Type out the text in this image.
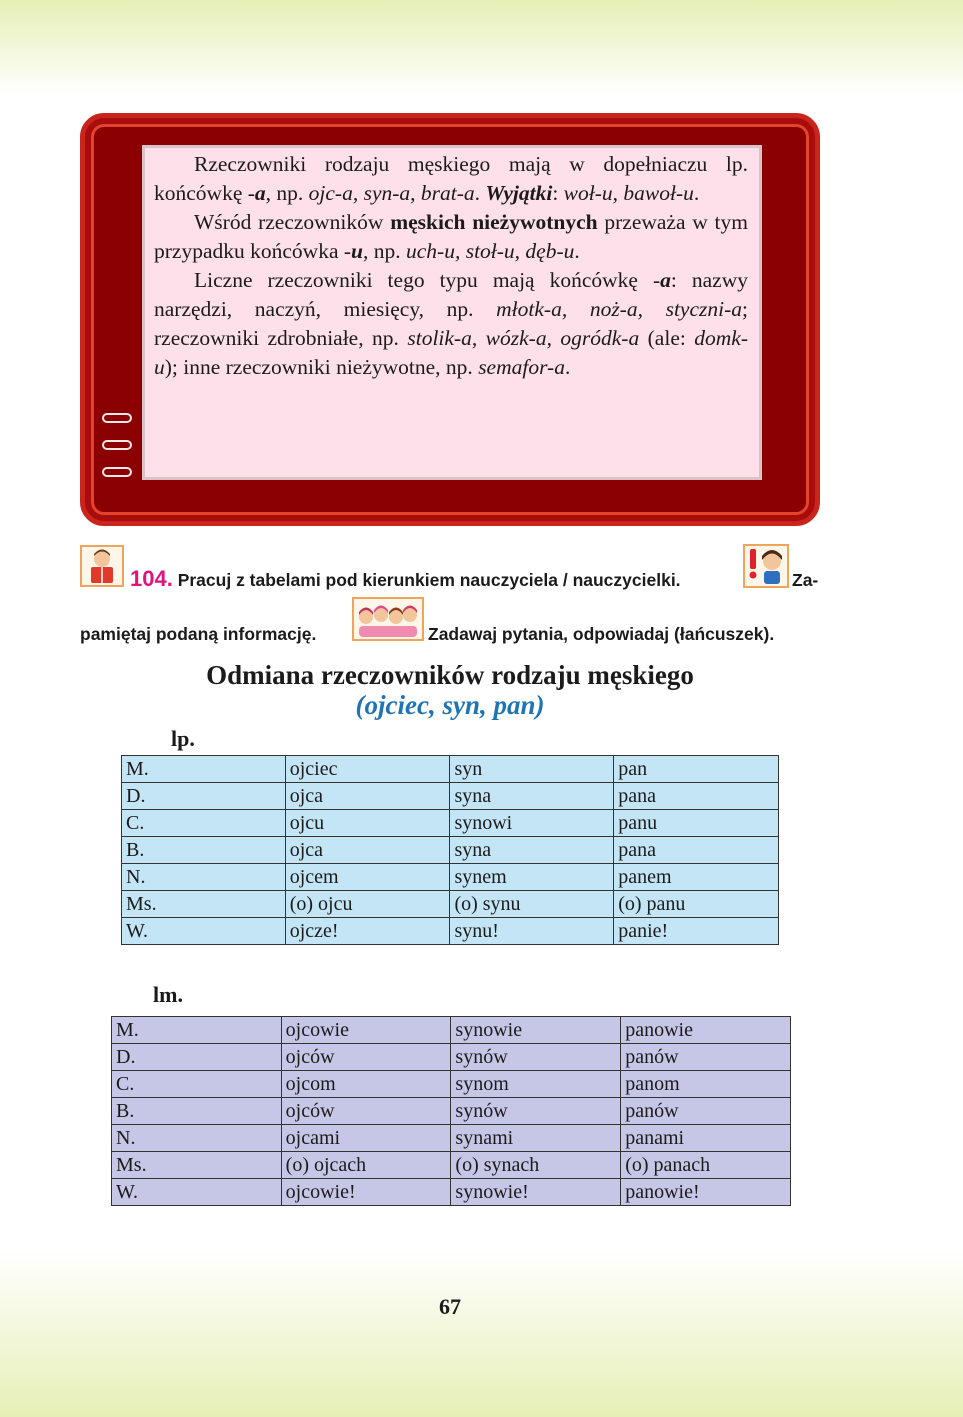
Rzeczowniki rodzaju męskiego mają w dopełniaczu lp. końcówkę -a, np. ojc-a, syn-a, brat-a. Wyjątki: woł-u, bawoł-u.

Wśród rzeczowników męskich nieżywotnych przeważa w tym przypadku końcówka -u, np. uch-u, stoł-u, dęb-u.

Liczne rzeczowniki tego typu mają końcówkę -a: nazwy narzędzi, naczyń, miesięcy, np. młotk-a, noż-a, styczni-a; rzeczowniki zdrobniałe, np. stolik-a, wózk-a, ogródk-a (ale: domk-u); inne rzeczowniki nieżywotne, np. semafor-a.

104. Pracuj z tabelami pod kierunkiem nauczyciela / nauczycielki.	Za-
pamiętaj podaną informację.	Zadawaj pytania, odpowiadaj (łańcuszek).
Odmiana rzeczowników rodzaju męskiego
(ojciec, syn, pan)
lp.
M.	ojciec	syn	pan
D.	ojca	syna	pana
C.	ojcu	synowi	panu
B.	ojca	syna	pana
N.	ojcem	synem	panem
Ms.	(o) ojcu	(o) synu	(o) panu
W.	ojcze!	synu!	panie!
lm.
M.	ojcowie	synowie	panowie
D.	ojców	synów	panów
C.	ojcom	synom	panom
B.	ojców	synów	panów
N.	ojcami	synami	panami
Ms.	(o) ojcach	(o) synach	(o) panach
W.	ojcowie!	synowie!	panowie!
67
